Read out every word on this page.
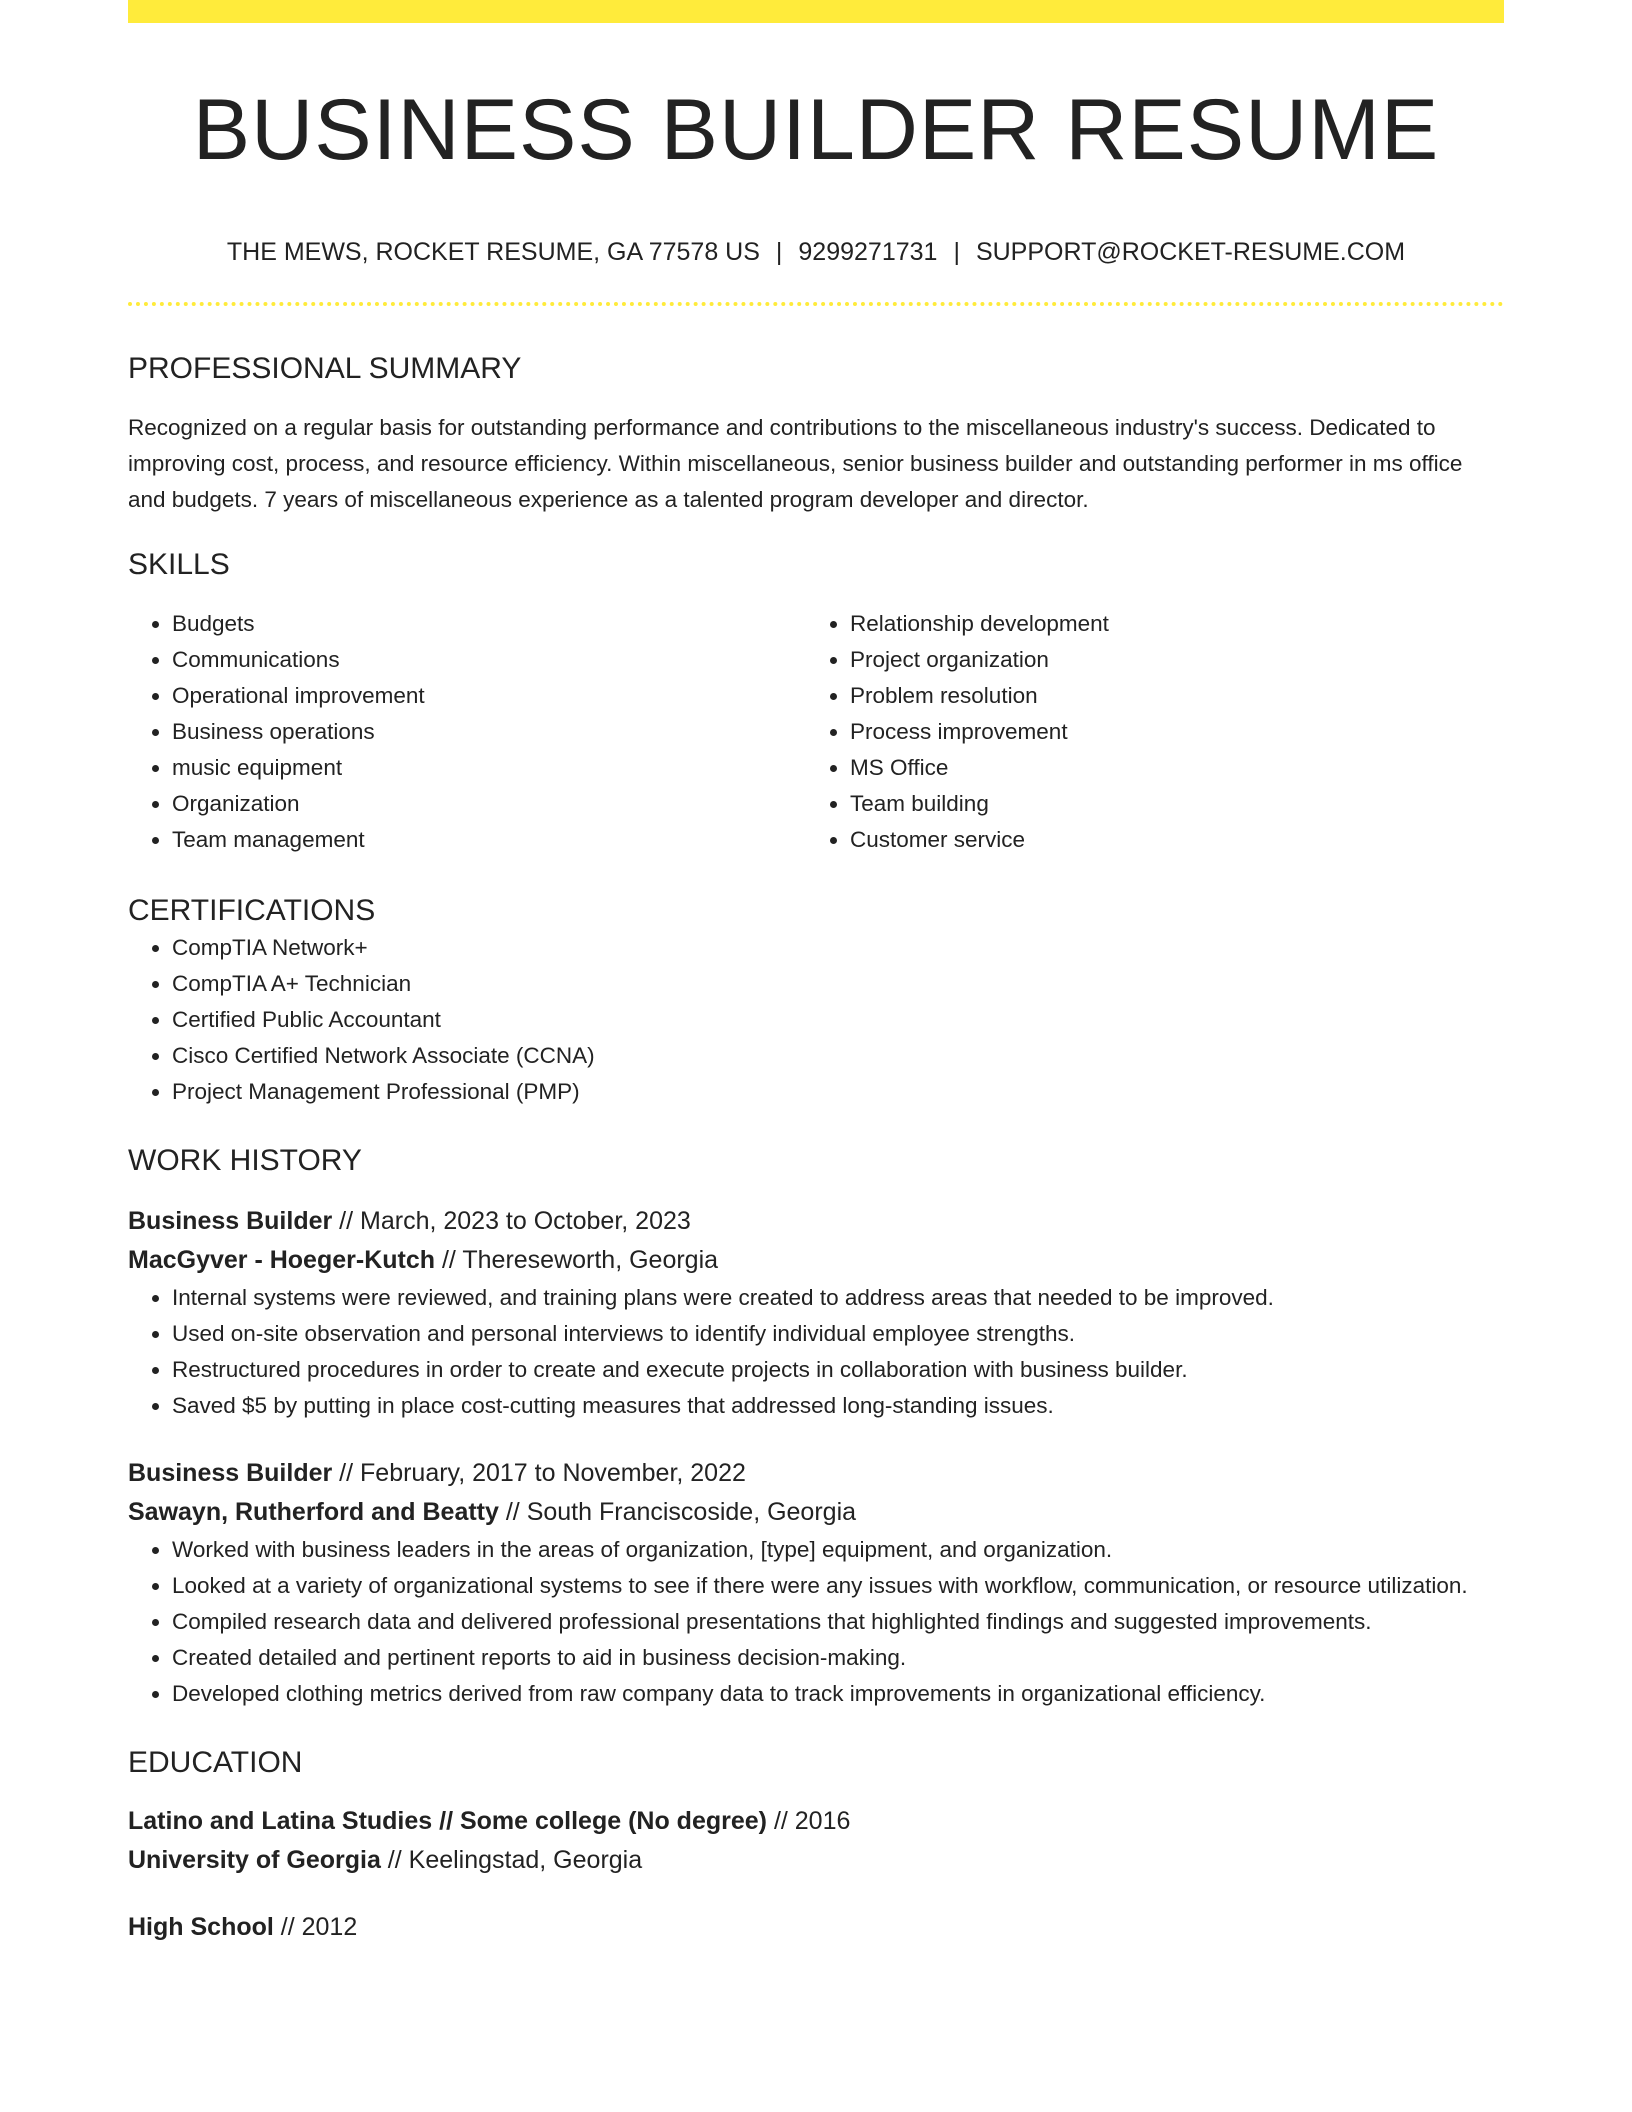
BUSINESS BUILDER RESUME
THE MEWS, ROCKET RESUME, GA 77578 US | 9299271731 | SUPPORT@ROCKET-RESUME.COM
PROFESSIONAL SUMMARY
Recognized on a regular basis for outstanding performance and contributions to the miscellaneous industry's success. Dedicated to improving cost, process, and resource efficiency. Within miscellaneous, senior business builder and outstanding performer in ms office and budgets. 7 years of miscellaneous experience as a talented program developer and director.
SKILLS
• Budgets
• Communications
• Operational improvement
• Business operations
• music equipment
• Organization
• Team management
• Relationship development
• Project organization
• Problem resolution
• Process improvement
• MS Office
• Team building
• Customer service
CERTIFICATIONS
• CompTIA Network+
• CompTIA A+ Technician
• Certified Public Accountant
• Cisco Certified Network Associate (CCNA)
• Project Management Professional (PMP)
WORK HISTORY
Business Builder // March, 2023 to October, 2023
MacGyver - Hoeger-Kutch // Thereseworth, Georgia
• Internal systems were reviewed, and training plans were created to address areas that needed to be improved.
• Used on-site observation and personal interviews to identify individual employee strengths.
• Restructured procedures in order to create and execute projects in collaboration with business builder.
• Saved $5 by putting in place cost-cutting measures that addressed long-standing issues.
Business Builder // February, 2017 to November, 2022
Sawayn, Rutherford and Beatty // South Franciscoside, Georgia
• Worked with business leaders in the areas of organization, [type] equipment, and organization.
• Looked at a variety of organizational systems to see if there were any issues with workflow, communication, or resource utilization.
• Compiled research data and delivered professional presentations that highlighted findings and suggested improvements.
• Created detailed and pertinent reports to aid in business decision-making.
• Developed clothing metrics derived from raw company data to track improvements in organizational efficiency.
EDUCATION
Latino and Latina Studies // Some college (No degree) // 2016
University of Georgia // Keelingstad, Georgia
High School // 2012
